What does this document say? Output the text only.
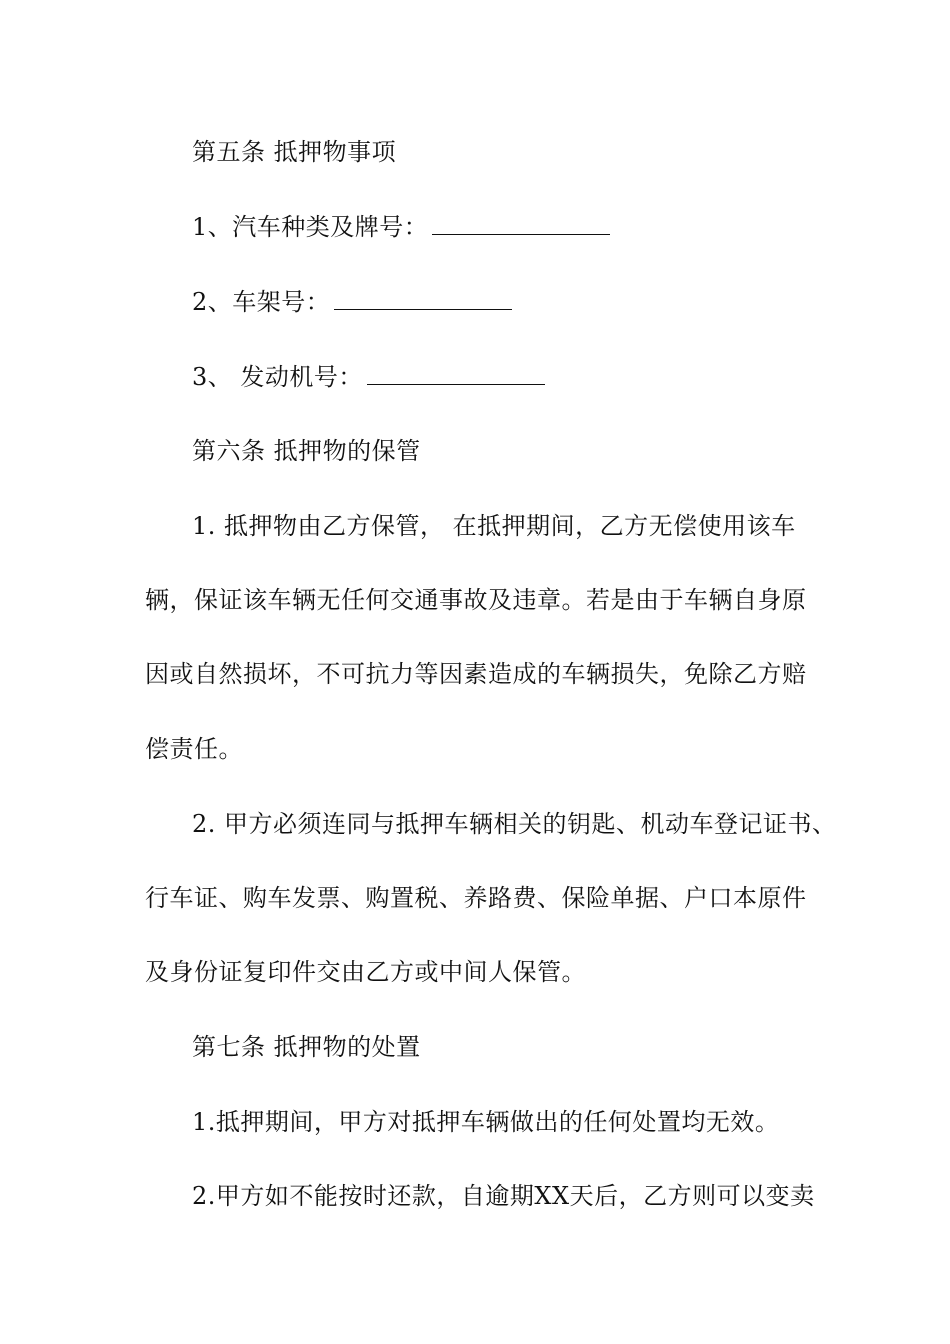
第五条 抵押物事项
1、汽车种类及牌号：
2、车架号：
3、 发动机号：
第六条 抵押物的保管
1. 抵押物由乙方保管， 在抵押期间，乙方无偿使用该车
辆，保证该车辆无任何交通事故及违章。若是由于车辆自身原
因或自然损坏，不可抗力等因素造成的车辆损失，免除乙方赔
偿责任。
2. 甲方必须连同与抵押车辆相关的钥匙、机动车登记证书、
行车证、购车发票、购置税、养路费、保险单据、户口本原件
及身份证复印件交由乙方或中间人保管。
第七条 抵押物的处置
1.抵押期间，甲方对抵押车辆做出的任何处置均无效。
2.甲方如不能按时还款，自逾期XX天后，乙方则可以变卖
